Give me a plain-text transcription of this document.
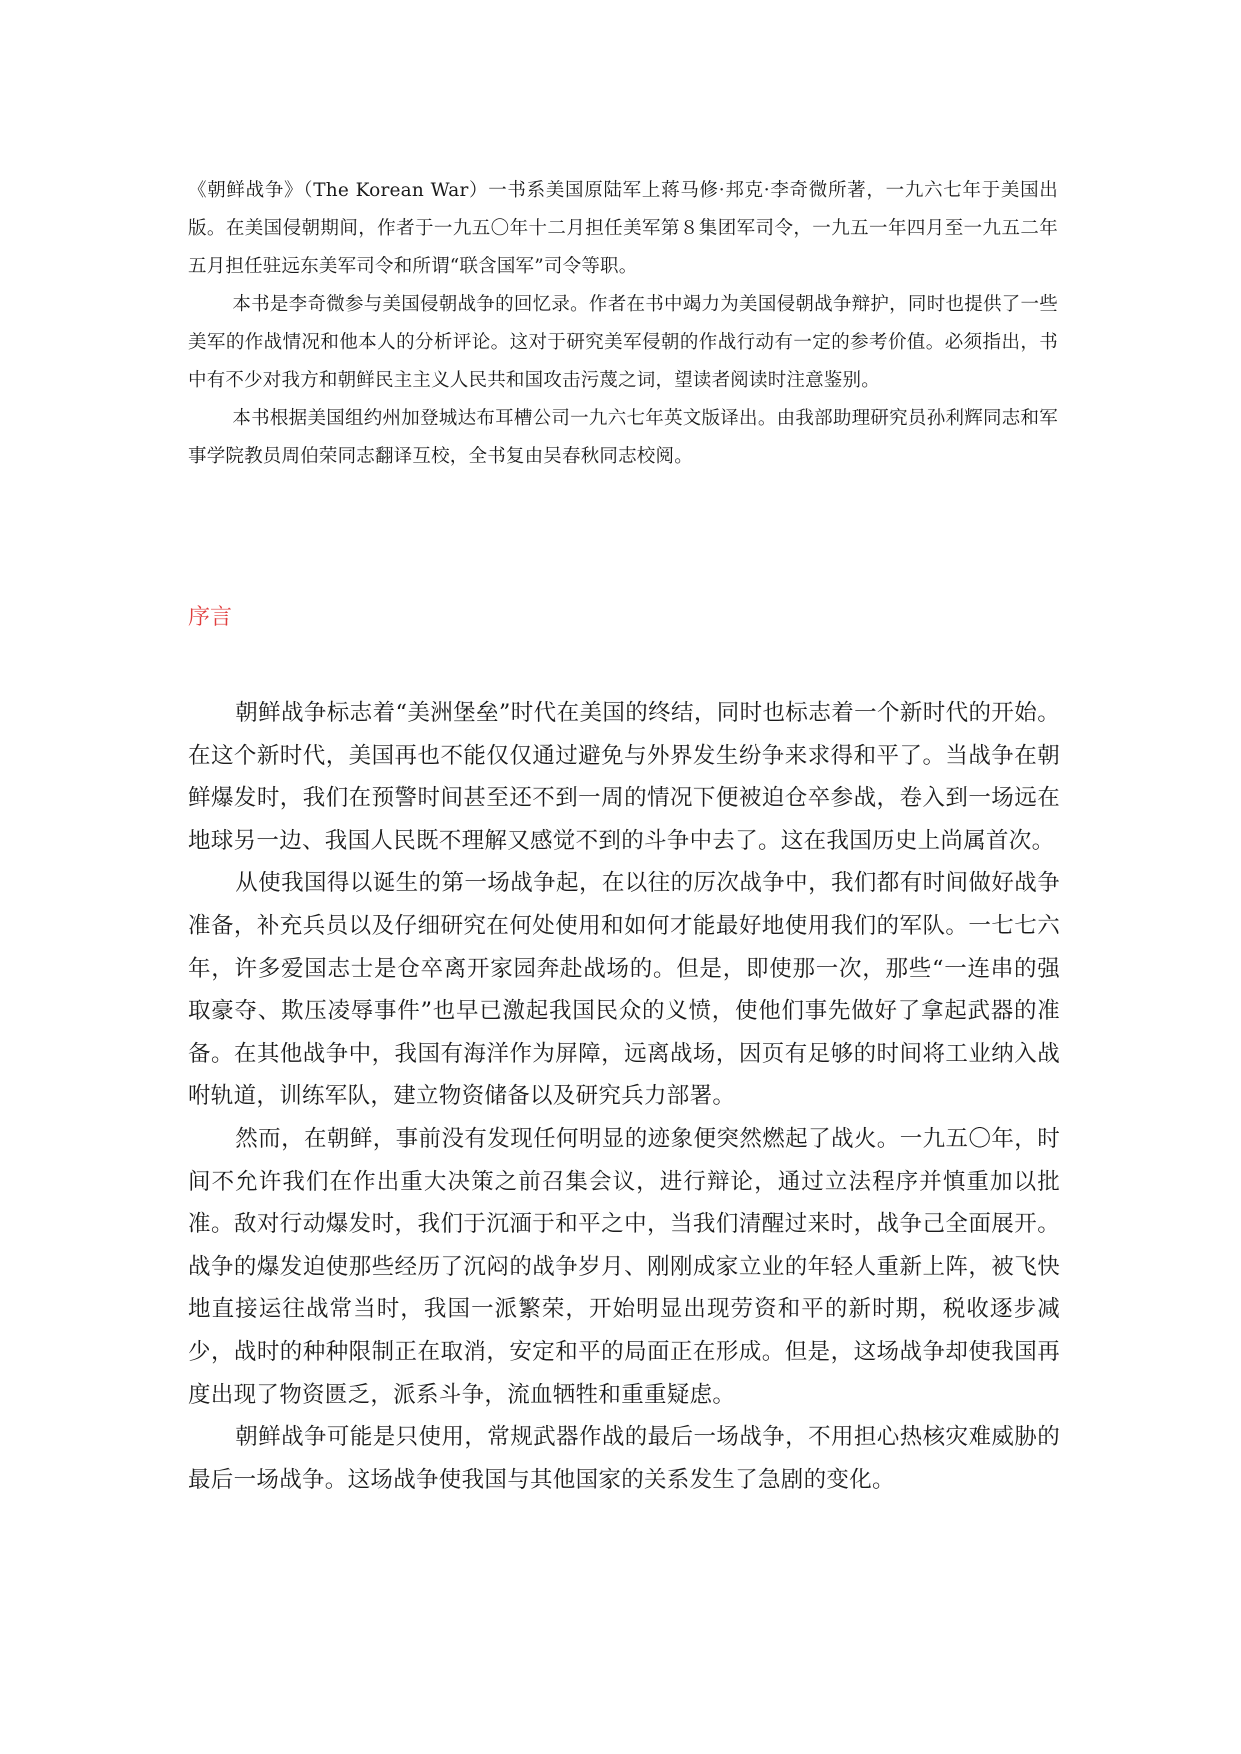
《朝鲜战争》（The Korean War）一书系美国原陆军上蒋马修·邦克·李奇微所著，一九六七年于美国出版。在美国侵朝期间，作者于一九五〇年十二月担任美军第８集团军司令，一九五一年四月至一九五二年五月担任驻远东美军司令和所谓“联含国军”司令等职。

本书是李奇微参与美国侵朝战争的回忆录。作者在书中竭力为美国侵朝战争辩护，同时也提供了一些美军的作战情况和他本人的分析评论。这对于研究美军侵朝的作战行动有一定的参考价值。必须指出，书中有不少对我方和朝鲜民主主义人民共和国攻击污蔑之词，望读者阅读时注意鉴别。

本书根据美国组约州加登城达布耳槽公司一九六七年英文版译出。由我部助理研究员孙利辉同志和军事学院教员周伯荣同志翻译互校，全书复由吴春秋同志校阅。

序言

朝鲜战争标志着“美洲堡垒”时代在美国的终结，同时也标志着一个新时代的开始。在这个新时代，美国再也不能仅仅通过避免与外界发生纷争来求得和平了。当战争在朝鲜爆发时，我们在预警时间甚至还不到一周的情况下便被迫仓卒参战，卷入到一场远在地球另一边、我国人民既不理解又感觉不到的斗争中去了。这在我国历史上尚属首次。

从使我国得以诞生的第一场战争起，在以往的厉次战争中，我们都有时间做好战争准备，补充兵员以及仔细研究在何处使用和如何才能最好地使用我们的军队。一七七六年，许多爱国志士是仓卒离开家园奔赴战场的。但是，即使那一次，那些“一连串的强取豪夺、欺压凌辱事件”也早已激起我国民众的义愤，使他们事先做好了拿起武器的准备。在其他战争中，我国有海洋作为屏障，远离战场，因页有足够的时间将工业纳入战咐轨道，训练军队，建立物资储备以及研究兵力部署。

然而，在朝鲜，事前没有发现任何明显的迹象便突然燃起了战火。一九五〇年，时间不允许我们在作出重大决策之前召集会议，进行辩论，通过立法程序并慎重加以批准。敌对行动爆发时，我们于沉湎于和平之中，当我们清醒过来时，战争己全面展开。战争的爆发迫使那些经历了沉闷的战争岁月、刚刚成家立业的年轻人重新上阵，被飞快地直接运往战常当时，我国一派繁荣，开始明显出现劳资和平的新时期，税收逐步减少，战时的种种限制正在取消，安定和平的局面正在形成。但是，这场战争却使我国再度出现了物资匮乏，派系斗争，流血牺牲和重重疑虑。

朝鲜战争可能是只使用，常规武器作战的最后一场战争，不用担心热核灾难威胁的最后一场战争。这场战争使我国与其他国家的关系发生了急剧的变化。
